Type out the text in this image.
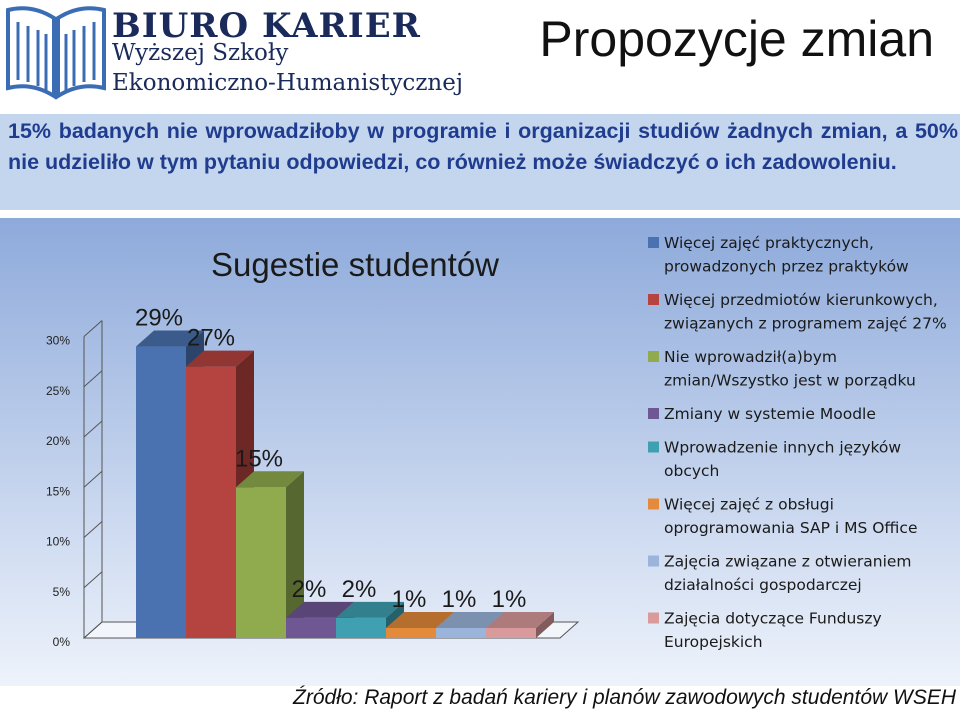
BIURO KARIER
Wyższej Szkoły
Ekonomiczno-Humanistycznej
Propozycje zmian
15% badanych nie wprowadziłoby w programie i organizacji studiów żadnych zmian, a 50% nie udzieliło w tym pytaniu odpowiedzi, co również może świadczyć o ich zadowoleniu.
Sugestie studentów
0%
5%
10%
15%
20%
25%
30%
29%
27%
15%
2% 2% 1% 1% 1%
Więcej zajęć praktycznych,
prowadzonych przez praktyków
Więcej przedmiotów kierunkowych,
związanych z programem zajęć 27%
Nie wprowadził(a)bym
zmian/Wszystko jest w porządku
Zmiany w systemie Moodle
Wprowadzenie innych języków
obcych
Więcej zajęć z obsługi
oprogramowania SAP i MS Office
Zajęcia związane z otwieraniem
działalności gospodarczej
Zajęcia dotyczące Funduszy
Europejskich
Źródło: Raport z badań kariery i planów zawodowych studentów WSEH
